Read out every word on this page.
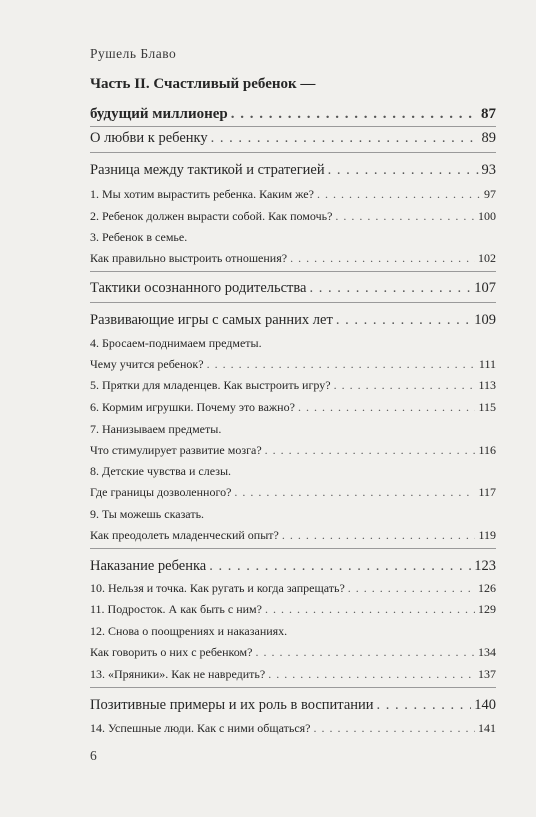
Рушель Блаво
Часть II. Счастливый ребенок —
будущий миллионер . . .	87
О любви к ребенку . . .	89
Разница между тактикой и стратегией . . .	93
1. Мы хотим вырастить ребенка. Каким же? . . .	97
2. Ребенок должен вырасти собой. Как помочь? . . .	100
3. Ребенок в семье.
Как правильно выстроить отношения? . . .	102
Тактики осознанного родительства . . .	107
Развивающие игры с самых ранних лет . . .	109
4. Бросаем-поднимаем предметы.
Чему учится ребенок? . . .	111
5. Прятки для младенцев. Как выстроить игру? . . .	113
6. Кормим игрушки. Почему это важно? . . .	115
7. Нанизываем предметы.
Что стимулирует развитие мозга? . . .	116
8. Детские чувства и слезы.
Где границы дозволенного? . . .	117
9. Ты можешь сказать.
Как преодолеть младенческий опыт? . . .	119
Наказание ребенка . . .	123
10. Нельзя и точка. Как ругать и когда запрещать? . . .	126
11. Подросток. А как быть с ним? . . .	129
12. Снова о поощрениях и наказаниях.
Как говорить о них с ребенком? . . .	134
13. «Пряники». Как не навредить? . . .	137
Позитивные примеры и их роль в воспитании . . .	140
14. Успешные люди. Как с ними общаться? . . .	141
6
